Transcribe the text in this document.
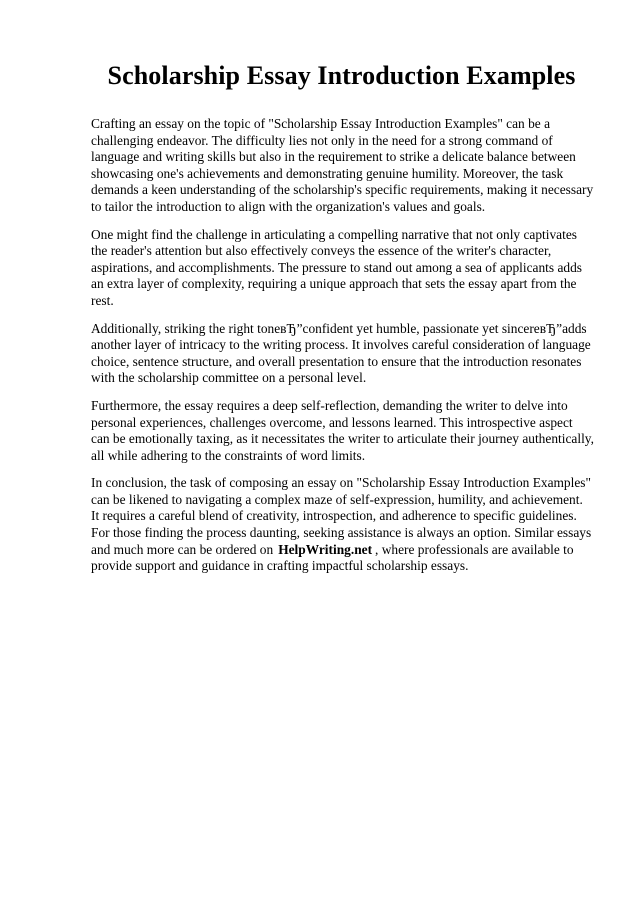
Scholarship Essay Introduction Examples

Crafting an essay on the topic of "Scholarship Essay Introduction Examples" can be a challenging endeavor. The difficulty lies not only in the need for a strong command of language and writing skills but also in the requirement to strike a delicate balance between showcasing one's achievements and demonstrating genuine humility. Moreover, the task demands a keen understanding of the scholarship's specific requirements, making it necessary to tailor the introduction to align with the organization's values and goals.

One might find the challenge in articulating a compelling narrative that not only captivates the reader's attention but also effectively conveys the essence of the writer's character, aspirations, and accomplishments. The pressure to stand out among a sea of applicants adds an extra layer of complexity, requiring a unique approach that sets the essay apart from the rest.

Additionally, striking the right toneвЂ”confident yet humble, passionate yet sincereвЂ”adds another layer of intricacy to the writing process. It involves careful consideration of language choice, sentence structure, and overall presentation to ensure that the introduction resonates with the scholarship committee on a personal level.

Furthermore, the essay requires a deep self-reflection, demanding the writer to delve into personal experiences, challenges overcome, and lessons learned. This introspective aspect can be emotionally taxing, as it necessitates the writer to articulate their journey authentically, all while adhering to the constraints of word limits.

In conclusion, the task of composing an essay on "Scholarship Essay Introduction Examples" can be likened to navigating a complex maze of self-expression, humility, and achievement. It requires a careful blend of creativity, introspection, and adherence to specific guidelines. For those finding the process daunting, seeking assistance is always an option. Similar essays and much more can be ordered on HelpWriting.net , where professionals are available to provide support and guidance in crafting impactful scholarship essays.
